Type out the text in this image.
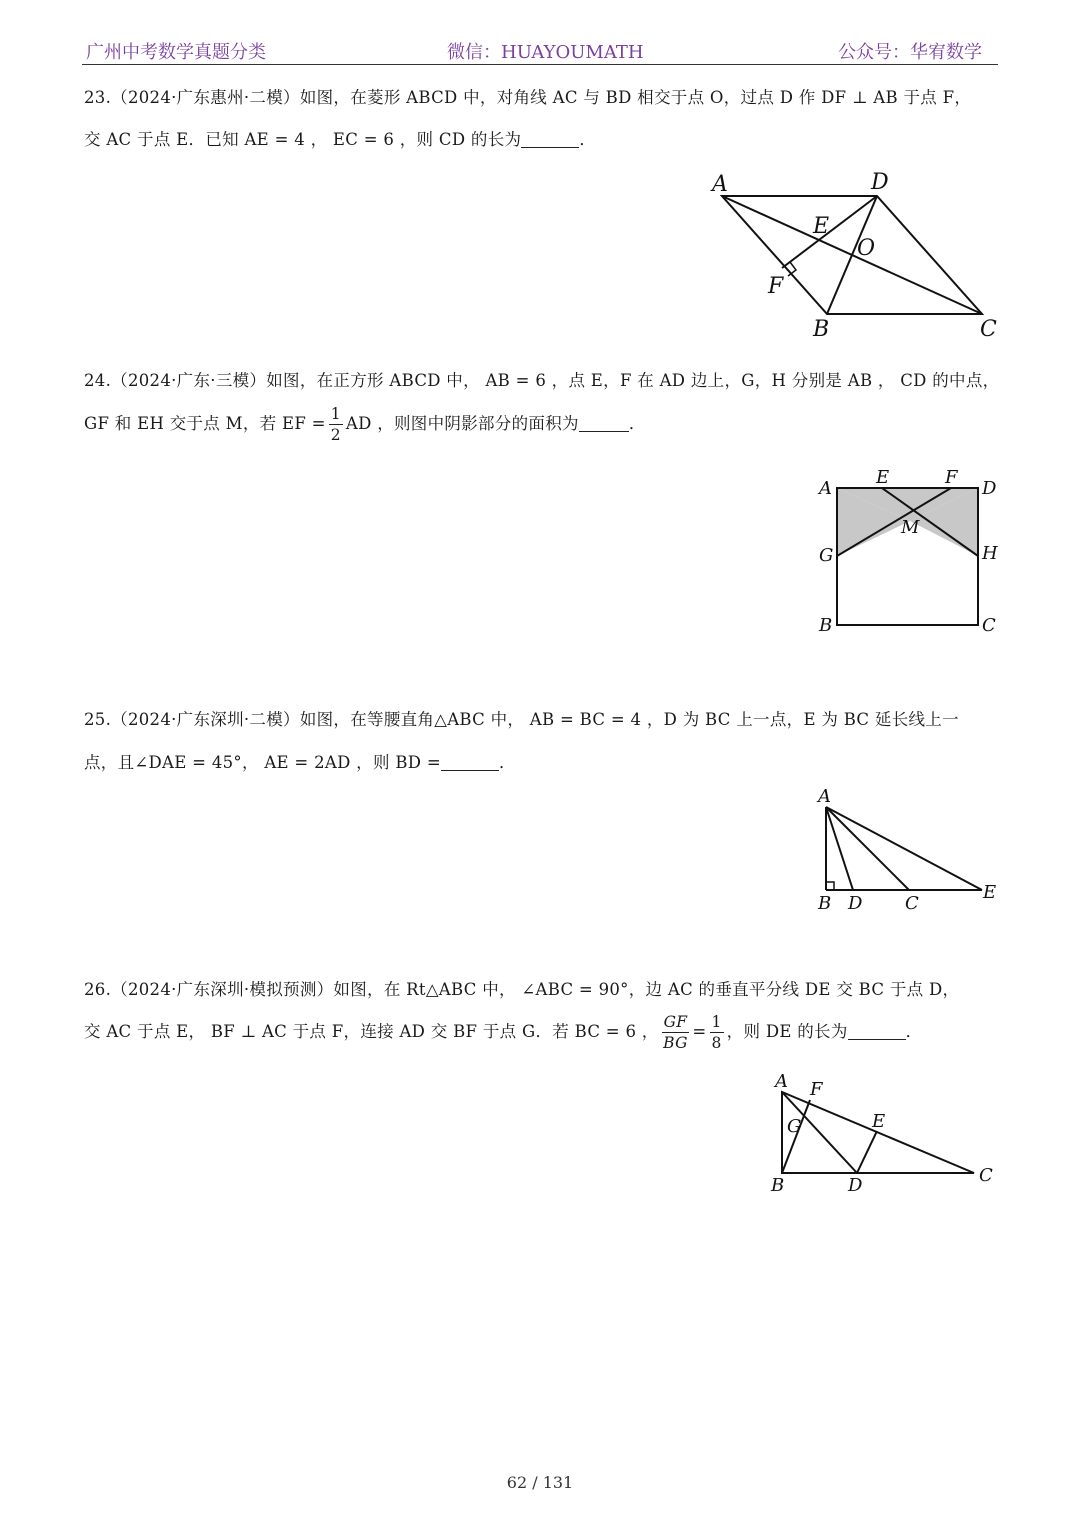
广州中考数学真题分类	微信：HUAYOUMATH	公众号：华宥数学
23.（2024·广东惠州·二模）如图，在菱形 ABCD 中，对角线 AC 与 BD 相交于点 O，过点 D 作 DF ⊥ AB 于点 F，
交 AC 于点 E．已知 AE = 4 ， EC = 6 ，则 CD 的长为	．
A	D
E
O
F
B	C
24.（2024·广东·三模）如图，在正方形 ABCD 中， AB = 6 ，点 E，F 在 AD 边上，G，H 分别是 AB ， CD 的中点，
GF 和 EH 交于点 M，若 EF = $\frac{1}{2}$ AD ，则图中阴影部分的面积为	．
A
E	F
D
M
G	H
B	C
25.（2024·广东深圳·二模）如图，在等腰直角△ABC 中， AB = BC = 4 ，D 为 BC 上一点，E 为 BC 延长线上一
点，且∠DAE = 45°， AE = 2AD ，则 BD =	．
A
B D C
E
26.（2024·广东深圳·模拟预测）如图，在 Rt△ABC 中， ∠ABC = 90°，边 AC 的垂直平分线 DE 交 BC 于点 D，
交 AC 于点 E， BF ⊥ AC 于点 F，连接 AD 交 BF 于点 G．若 BC = 6 ， $\frac{GF}{BG} = \frac{1}{8}$ ，则 DE 的长为	．
A F
G	E
B	D	C
62 / 131
